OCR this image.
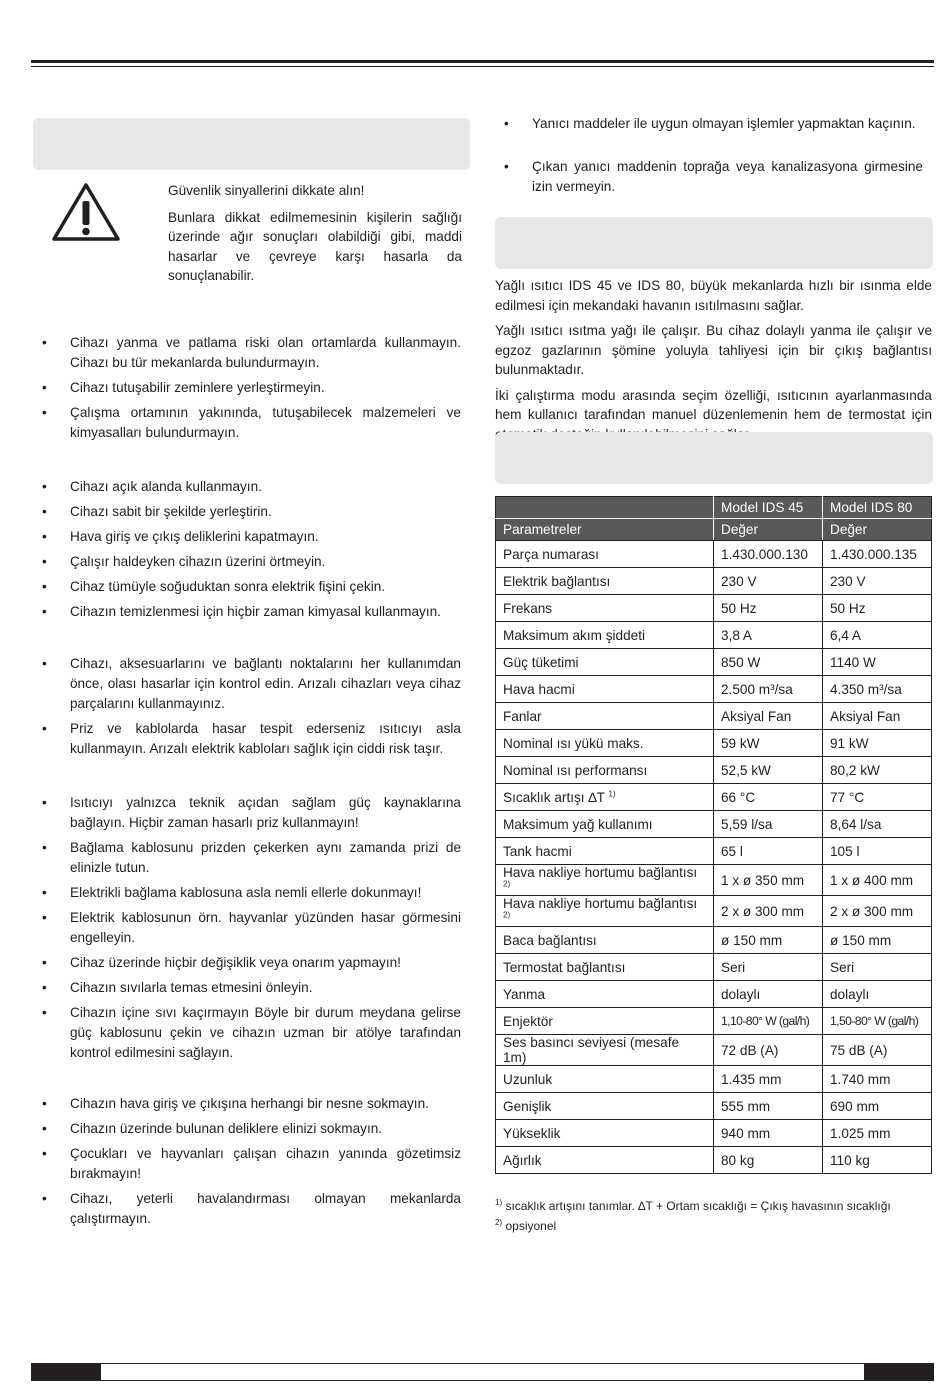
Güvenlik sinyallerini dikkate alın!

Bunlara dikkat edilmemesinin kişilerin sağlığı üzerinde ağır sonuçları olabildiği gibi, maddi hasarlar ve çevreye karşı hasarla da sonuçlanabilir.

• Cihazı yanma ve patlama riski olan ortamlarda kullanmayın. Cihazı bu tür mekanlarda bulundurmayın.
• Cihazı tutuşabilir zeminlere yerleştirmeyin.
• Çalışma ortamının yakınında, tutuşabilecek malzemeleri ve kimyasalları bulundurmayın.
• Cihazı açık alanda kullanmayın.
• Cihazı sabit bir şekilde yerleştirin.
• Hava giriş ve çıkış deliklerini kapatmayın.
• Çalışır haldeyken cihazın üzerini örtmeyin.
• Cihaz tümüyle soğuduktan sonra elektrik fişini çekin.
• Cihazın temizlenmesi için hiçbir zaman kimyasal kullanmayın.
• Cihazı, aksesuarlarını ve bağlantı noktalarını her kullanımdan önce, olası hasarlar için kontrol edin. Arızalı cihazları veya cihaz parçalarını kullanmayınız.
• Priz ve kablolarda hasar tespit ederseniz ısıtıcıyı asla kullanmayın. Arızalı elektrik kabloları sağlık için ciddi risk taşır.
• Isıtıcıyı yalnızca teknik açıdan sağlam güç kaynaklarına bağlayın. Hiçbir zaman hasarlı priz kullanmayın!
• Bağlama kablosunu prizden çekerken aynı zamanda prizi de elinizle tutun.
• Elektrikli bağlama kablosuna asla nemli ellerle dokunmayı!
• Elektrik kablosunun örn. hayvanlar yüzünden hasar görmesini engelleyin.
• Cihaz üzerinde hiçbir değişiklik veya onarım yapmayın!
• Cihazın sıvılarla temas etmesini önleyin.
• Cihazın içine sıvı kaçırmayın Böyle bir durum meydana gelirse güç kablosunu çekin ve cihazın uzman bir atölye tarafından kontrol edilmesini sağlayın.
• Cihazın hava giriş ve çıkışına herhangi bir nesne sokmayın.
• Cihazın üzerinde bulunan deliklere elinizi sokmayın.
• Çocukları ve hayvanları çalışan cihazın yanında gözetimsiz bırakmayın!
• Cihazı, yeterli havalandırması olmayan mekanlarda çalıştırmayın.
• Yanıcı maddeler ile uygun olmayan işlemler yapmaktan kaçının.
• Çıkan yanıcı maddenin toprağa veya kanalizasyona girmesine izin vermeyin.

Yağlı ısıtıcı IDS 45 ve IDS 80, büyük mekanlarda hızlı bir ısınma elde edilmesi için mekandaki havanın ısıtılmasını sağlar.

Yağlı ısıtıcı ısıtma yağı ile çalışır. Bu cihaz dolaylı yanma ile çalışır ve egzoz gazlarının şömine yoluyla tahliyesi için bir çıkış bağlantısı bulunmaktadır.

İki çalıştırma modu arasında seçim özelliği, ısıtıcının ayarlanmasında hem kullanıcı tarafından manuel düzenlemenin hem de termostat için

	Model IDS 45	Model IDS 80
Parametreler	Değer	Değer
Parça numarası	1.430.000.130	1.430.000.135
Elektrik bağlantısı	230 V	230 V
Frekans	50 Hz	50 Hz
Maksimum akım şiddeti	3,8 A	6,4 A
Güç tüketimi	850 W	1140 W
Hava hacmi	2.500 m³/sa	4.350 m³/sa
Fanlar	Aksiyal Fan	Aksiyal Fan
Nominal ısı yükü maks.	59 kW	91 kW
Nominal ısı performansı	52,5 kW	80,2 kW
Sıcaklık artışı ∆T $^{1)}$	66 °C	77 °C
Maksimum yağ kullanımı	5,59 l/sa	8,64 l/sa
Tank hacmi	65 l	105 l
Hava nakliye hortumu bağlantısı $^{2)}$	1 x ø 350 mm	1 x ø 400 mm
Hava nakliye hortumu bağlantısı $^{2)}$	2 x ø 300 mm	2 x ø 300 mm
Baca bağlantısı	ø 150 mm	ø 150 mm
Termostat bağlantısı	Seri	Seri
Yanma	dolaylı	dolaylı
Enjektör	1,10-80° W (gal/h)	1,50-80° W (gal/h)
Ses basıncı seviyesi (mesafe 1m)	72 dB (A)	75 dB (A)
Uzunluk	1.435 mm	1.740 mm
Genişlik	555 mm	690 mm
Yükseklik	940 mm	1.025 mm
Ağırlık	80 kg	110 kg
$^{1)}$ sıcaklık artışını tanımlar. ∆T + Ortam sıcaklığı = Çıkış havasının sıcaklığı
$^{2)}$ opsiyonel
